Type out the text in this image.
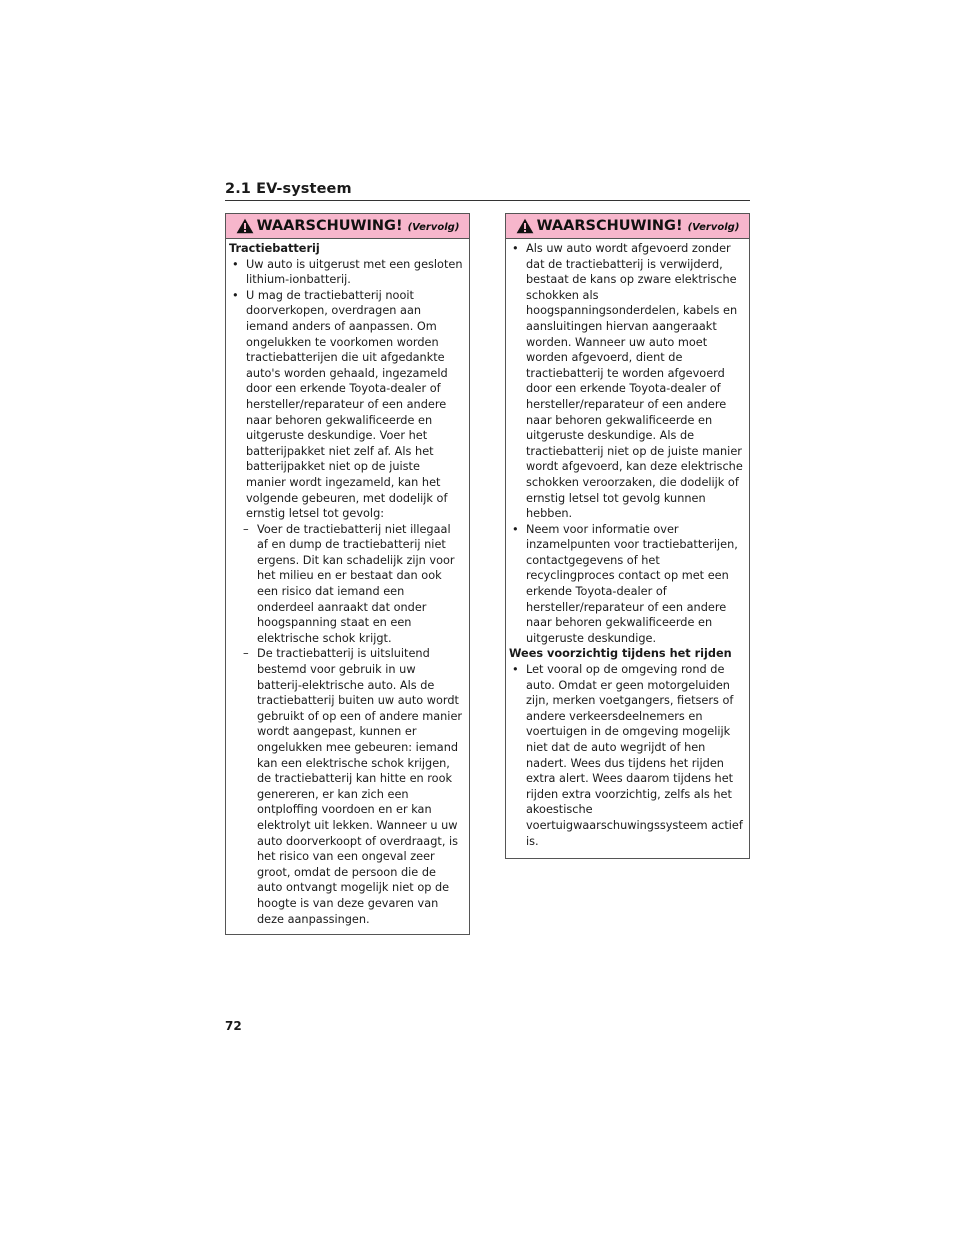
2.1 EV-systeem
WAARSCHUWING! (Vervolg)
Tractiebatterij
• Uw auto is uitgerust met een gesloten lithium-ionbatterij.
• U mag de tractiebatterij nooit doorverkopen, overdragen aan iemand anders of aanpassen. Om ongelukken te voorkomen worden tractiebatterijen die uit afgedankte auto's worden gehaald, ingezameld door een erkende Toyota-dealer of hersteller/reparateur of een andere naar behoren gekwalificeerde en uitgeruste deskundige. Voer het batterijpakket niet zelf af. Als het batterijpakket niet op de juiste manier wordt ingezameld, kan het volgende gebeuren, met dodelijk of ernstig letsel tot gevolg:
– Voer de tractiebatterij niet illegaal af en dump de tractiebatterij niet ergens. Dit kan schadelijk zijn voor het milieu en er bestaat dan ook een risico dat iemand een onderdeel aanraakt dat onder hoogspanning staat en een elektrische schok krijgt.
– De tractiebatterij is uitsluitend bestemd voor gebruik in uw batterij-elektrische auto. Als de tractiebatterij buiten uw auto wordt gebruikt of op een of andere manier wordt aangepast, kunnen er ongelukken mee gebeuren: iemand kan een elektrische schok krijgen, de tractiebatterij kan hitte en rook genereren, er kan zich een ontploffing voordoen en er kan elektrolyt uit lekken. Wanneer u uw auto doorverkoopt of overdraagt, is het risico van een ongeval zeer groot, omdat de persoon die de auto ontvangt mogelijk niet op de hoogte is van deze gevaren van deze aanpassingen.
WAARSCHUWING! (Vervolg)
• Als uw auto wordt afgevoerd zonder dat de tractiebatterij is verwijderd, bestaat de kans op zware elektrische schokken als hoogspanningsonderdelen, kabels en aansluitingen hiervan aangeraakt worden. Wanneer uw auto moet worden afgevoerd, dient de tractiebatterij te worden afgevoerd door een erkende Toyota-dealer of hersteller/reparateur of een andere naar behoren gekwalificeerde en uitgeruste deskundige. Als de tractiebatterij niet op de juiste manier wordt afgevoerd, kan deze elektrische schokken veroorzaken, die dodelijk of ernstig letsel tot gevolg kunnen hebben.
• Neem voor informatie over inzamelpunten voor tractiebatterijen, contactgegevens of het recyclingproces contact op met een erkende Toyota-dealer of hersteller/reparateur of een andere naar behoren gekwalificeerde en uitgeruste deskundige.
Wees voorzichtig tijdens het rijden
• Let vooral op de omgeving rond de auto. Omdat er geen motorgeluiden zijn, merken voetgangers, fietsers of andere verkeersdeelnemers en voertuigen in de omgeving mogelijk niet dat de auto wegrijdt of hen nadert. Wees dus tijdens het rijden extra alert. Wees daarom tijdens het rijden extra voorzichtig, zelfs als het akoestische voertuigwaarschuwingssysteem actief is.
72
